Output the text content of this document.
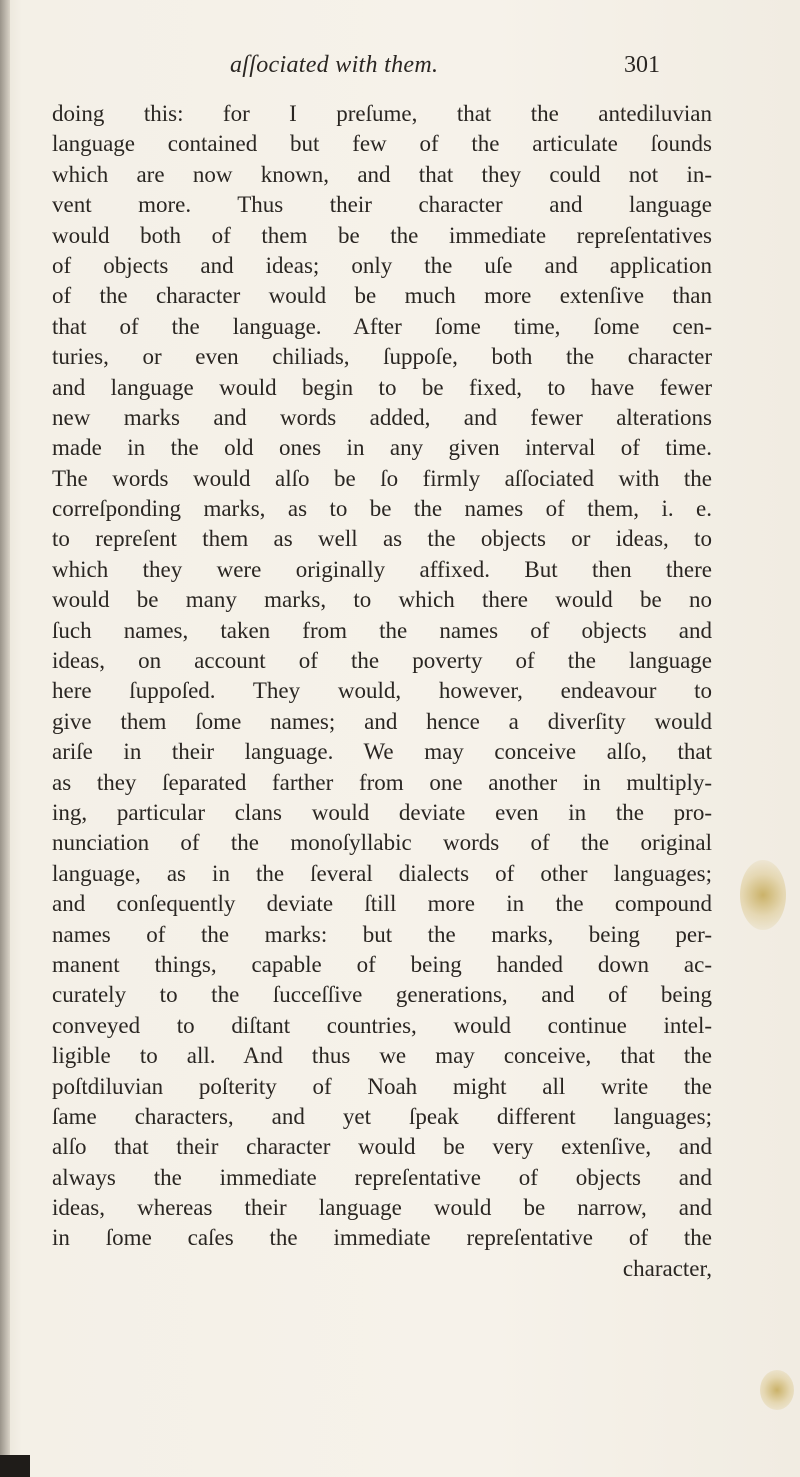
aſſociated with them.	301
doing this: for I preſume, that the antediluvian
language contained but few of the articulate ſounds
which are now known, and that they could not in-
vent more. Thus their character and language
would both of them be the immediate repreſentatives
of objects and ideas; only the uſe and application
of the character would be much more extenſive than
that of the language. After ſome time, ſome cen-
turies, or even chiliads, ſuppoſe, both the character
and language would begin to be fixed, to have fewer
new marks and words added, and fewer alterations
made in the old ones in any given interval of time.
The words would alſo be ſo firmly aſſociated with the
correſponding marks, as to be the names of them, i. e.
to repreſent them as well as the objects or ideas, to
which they were originally affixed. But then there
would be many marks, to which there would be no
ſuch names, taken from the names of objects and
ideas, on account of the poverty of the language
here ſuppoſed. They would, however, endeavour to
give them ſome names; and hence a diverſity would
ariſe in their language. We may conceive alſo, that
as they ſeparated farther from one another in multiply-
ing, particular clans would deviate even in the pro-
nunciation of the monoſyllabic words of the original
language, as in the ſeveral dialects of other languages;
and conſequently deviate ſtill more in the compound
names of the marks: but the marks, being per-
manent things, capable of being handed down ac-
curately to the ſucceſſive generations, and of being
conveyed to diſtant countries, would continue intel-
ligible to all. And thus we may conceive, that the
poſtdiluvian poſterity of Noah might all write the
ſame characters, and yet ſpeak different languages;
alſo that their character would be very extenſive, and
always the immediate repreſentative of objects and
ideas, whereas their language would be narrow, and
in ſome caſes the immediate repreſentative of the
character,
